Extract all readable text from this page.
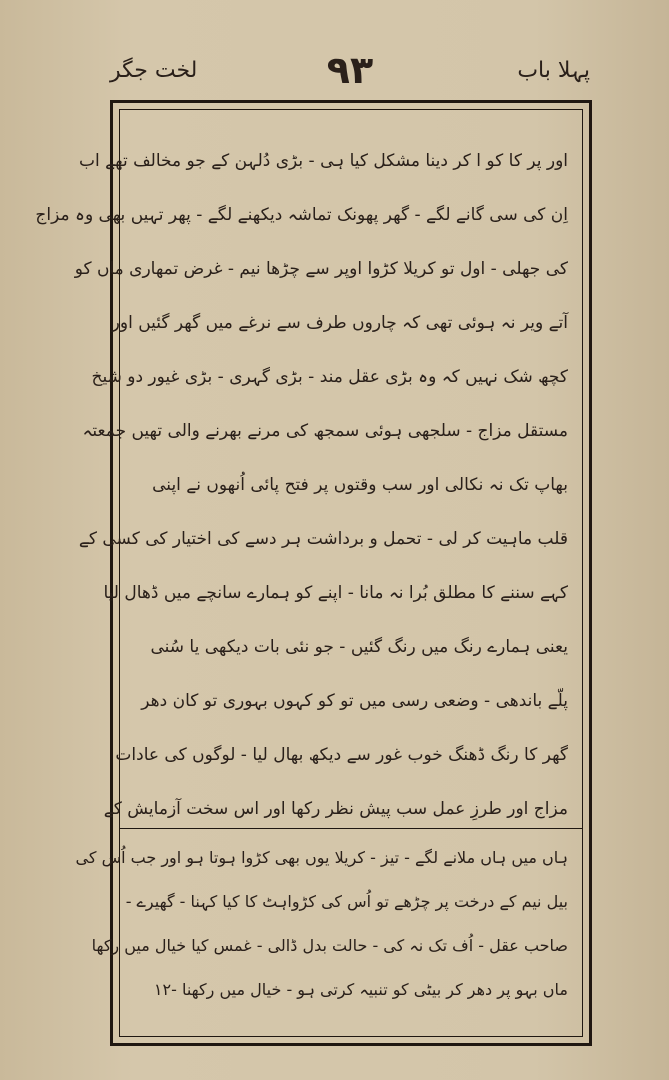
پہلا باب
۹۳
لخت جگر
اور پر کا کو ا کر دینا مشکل کیا ہی - بڑی دُلہن کے جو مخالف تھے اب
اِن کی سی گانے لگے - گھر پھونک تماشہ دیکھنے لگے - پھر تہیں بھی وہ مزاج
کی جھلی - اول تو کریلا کڑوا اوپر سے چڑھا نیم - غرض تمھاری ماں کو
آتے ویر نہ ہوئی تھی کہ چاروں طرف سے نرغے میں گھر گئیں اور
کچھ شک نہیں کہ وہ بڑی عقل مند - بڑی گہری - بڑی غیور دو شیخ
مستقل مزاج - سلجھی ہوئی سمجھ کی مرنے بھرنے والی تھیں جمعتہ
بھاپ تک نہ نکالی اور سب وقتوں پر فتح پائی اُنھوں نے اپنی
قلب ماہیت کر لی - تحمل و برداشت ہر دسے کی اختیار کی کسی کے
کہے سننے کا مطلق بُرا نہ مانا - اپنے کو ہمارے سانچے میں ڈھال لیا
یعنی ہمارے رنگ میں رنگ گئیں - جو نئی بات دیکھی یا سُنی
پلّے باندھی - وضعی رسی میں تو کو کہوں بہوری تو کان دھر
گھر کا رنگ ڈھنگ خوب غور سے دیکھ بھال لیا - لوگوں کی عادات
مزاج اور طرزِ عمل سب پیش نظر رکھا اور اس سخت آزمایش کے
ہاں میں ہاں ملانے لگے - تیز - کریلا یوں بھی کڑوا ہوتا ہو اور جب اُس کی
بیل نیم کے درخت پر چڑھے تو اُس کی کڑواہٹ کا کیا کہنا - گھیرے -
صاحب عقل - اُف تک نہ کی - حالت بدل ڈالی - غمس کیا خیال میں رکھا
ماں بہو پر دھر کر بیٹی کو تنبیہ کرتی ہو - خیال میں رکھنا -۱۲
